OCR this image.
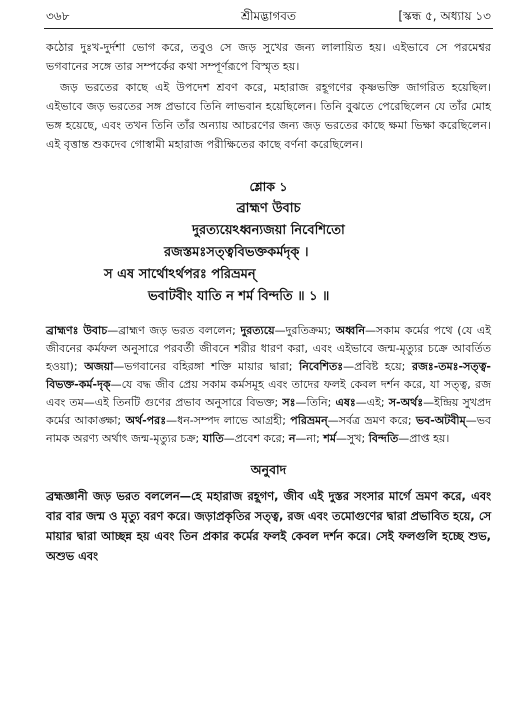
৩৬৮	শ্রীমদ্ভাগবত	[স্কন্ধ ৫, অধ্যায় ১৩

কঠোর দুঃখ-দুর্দশা ভোগ করে, তবুও সে জড় সুখের জন্য লালায়িত হয়। এইভাবে সে পরমেশ্বর ভগবানের সঙ্গে তার সম্পর্কের কথা সম্পূর্ণরূপে বিস্মৃত হয়।

জড় ভরতের কাছে এই উপদেশ শ্রবণ করে, মহারাজ রহূগণের কৃষ্ণভক্তি জাগরিত হয়েছিল। এইভাবে জড় ভরতের সঙ্গ প্রভাবে তিনি লাভবান হয়েছিলেন। তিনি বুঝতে পেরেছিলেন যে তাঁর মোহ ভঙ্গ হয়েছে, এবং তখন তিনি তাঁর অন্যায় আচরণের জন্য জড় ভরতের কাছে ক্ষমা ভিক্ষা করেছিলেন। এই বৃত্তান্ত শুকদেব গোস্বামী মহারাজ পরীক্ষিতের কাছে বর্ণনা করেছিলেন।

শ্লোক ১
ব্রাহ্মণ উবাচ
দুরত্যয়েঽধ্বন্যজয়া নিবেশিতো
রজস্তমঃসত্ত্ববিভক্তকর্মদৃক্ ।
স এষ সার্থোঽর্থপরঃ পরিভ্রমন্
ভবাটবীং যাতি ন শর্ম বিন্দতি ॥ ১ ॥
ব্রাহ্মণঃ উবাচ—ব্রাহ্মণ জড় ভরত বললেন; দুরত্যয়ে—দুরতিক্রম্য; অধ্বনি—সকাম কর্মের পথে (যে এই জীবনের কর্মফল অনুসারে পরবর্তী জীবনে শরীর ধারণ করা, এবং এইভাবে জন্ম-মৃত্যুর চক্রে আবর্তিত হওয়া); অজয়া—ভগবানের বহিরঙ্গা শক্তি মায়ার দ্বারা; নিবেশিতঃ—প্রবিষ্ট হয়ে; রজঃ-তমঃ-সত্ত্ব-বিভক্ত-কর্ম-দৃক্—যে বদ্ধ জীব প্রেয় সকাম কর্মসমূহ এবং তাদের ফলই কেবল দর্শন করে, যা সত্ত্ব, রজ এবং তম—এই তিনটি গুণের প্রভাব অনুসারে বিভক্ত; সঃ—তিনি; এষঃ—এই; স-অর্থঃ—ইন্দ্রিয় সুখপ্রদ কর্মের আকাঙ্ক্ষা; অর্থ-পরঃ—ধন-সম্পদ লাভে আগ্রহী; পরিভ্রমন্—সর্বত্র ভ্রমণ করে; ভব-অটবীম্—ভব নামক অরণ্য অর্থাৎ জন্ম-মৃত্যুর চক্র; যাতি—প্রবেশ করে; ন—না; শর্ম—সুখ; বিন্দতি—প্রাপ্ত হয়।
অনুবাদ
ব্রহ্মজ্ঞানী জড় ভরত বললেন—হে মহারাজ রহূগণ, জীব এই দুস্তর সংসার মার্গে ভ্রমণ করে, এবং বার বার জন্ম ও মৃত্যু বরণ করে। জড়াপ্রকৃতির সত্ত্ব, রজ এবং তমোগুণের দ্বারা প্রভাবিত হয়ে, সে মায়ার দ্বারা আচ্ছন্ন হয় এবং তিন প্রকার কর্মের ফলই কেবল দর্শন করে। সেই ফলগুলি হচ্ছে শুভ, অশুভ এবং
